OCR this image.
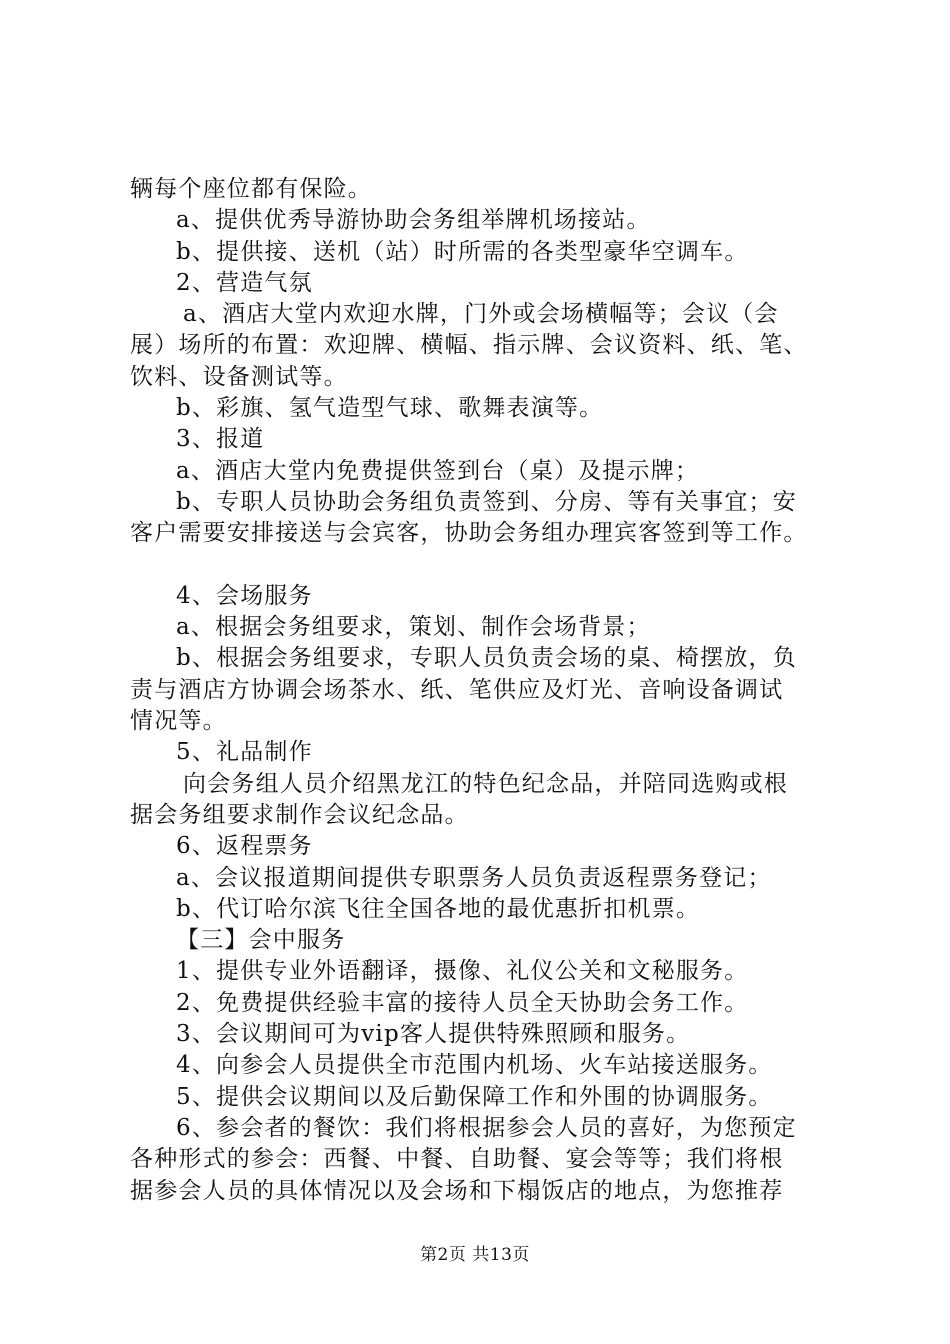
辆每个座位都有保险。
a、提供优秀导游协助会务组举牌机场接站。
b、提供接、送机（站）时所需的各类型豪华空调车。
2、营造气氛
a、酒店大堂内欢迎水牌，门外或会场横幅等；会议（会
展）场所的布置：欢迎牌、横幅、指示牌、会议资料、纸、笔、
饮料、设备测试等。
b、彩旗、氢气造型气球、歌舞表演等。
3、报道
a、酒店大堂内免费提供签到台（桌）及提示牌；
b、专职人员协助会务组负责签到、分房、等有关事宜；安
客户需要安排接送与会宾客，协助会务组办理宾客签到等工作。
4、会场服务
a、根据会务组要求，策划、制作会场背景；
b、根据会务组要求，专职人员负责会场的桌、椅摆放，负
责与酒店方协调会场茶水、纸、笔供应及灯光、音响设备调试
情况等。
5、礼品制作
向会务组人员介绍黑龙江的特色纪念品，并陪同选购或根
据会务组要求制作会议纪念品。
6、返程票务
a、会议报道期间提供专职票务人员负责返程票务登记；
b、代订哈尔滨飞往全国各地的最优惠折扣机票。
【三】会中服务
1、提供专业外语翻译，摄像、礼仪公关和文秘服务。
2、免费提供经验丰富的接待人员全天协助会务工作。
3、会议期间可为vip客人提供特殊照顾和服务。
4、向参会人员提供全市范围内机场、火车站接送服务。
5、提供会议期间以及后勤保障工作和外围的协调服务。
6、参会者的餐饮：我们将根据参会人员的喜好，为您预定
各种形式的参会：西餐、中餐、自助餐、宴会等等；我们将根
据参会人员的具体情况以及会场和下榻饭店的地点，为您推荐
第2页 共13页
